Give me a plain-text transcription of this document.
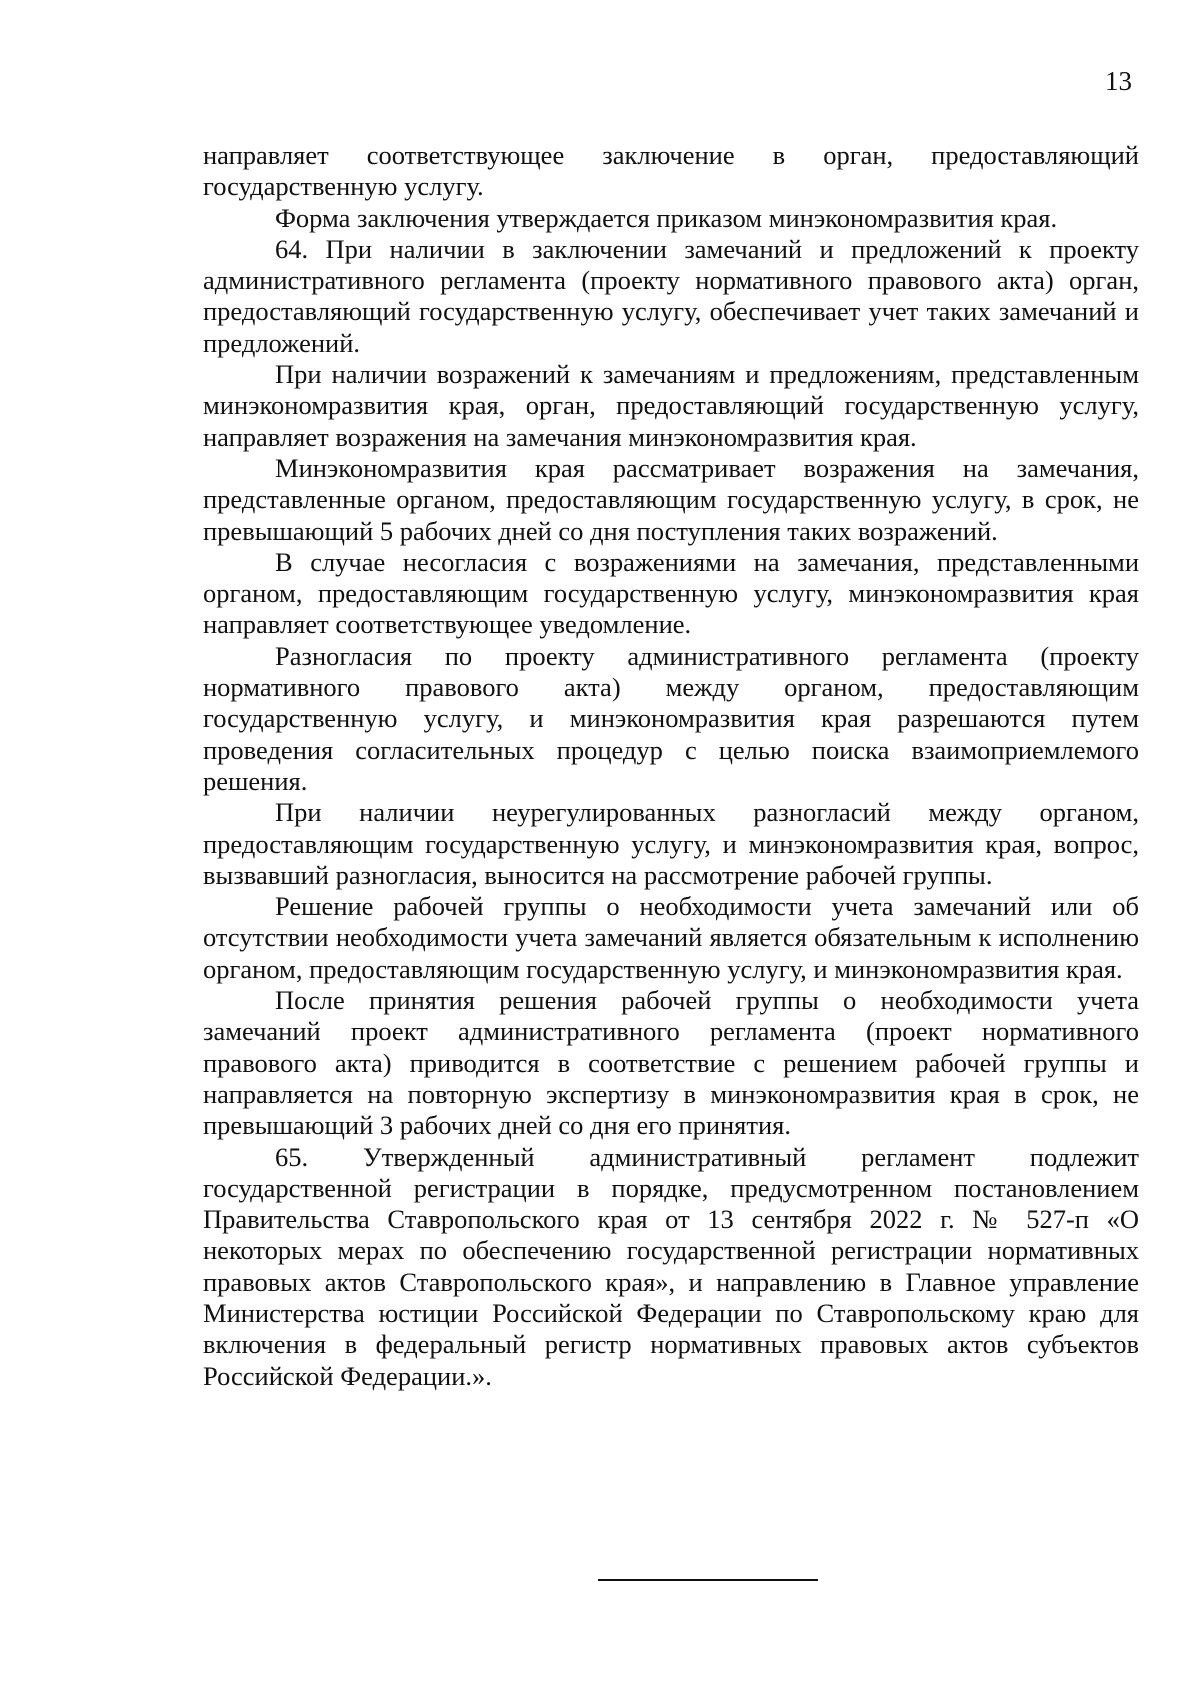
13

направляет соответствующее заключение в орган, предоставляющий государственную услугу.

Форма заключения утверждается приказом минэкономразвития края.

64. При наличии в заключении замечаний и предложений к проекту административного регламента (проекту нормативного правового акта) орган, предоставляющий государственную услугу, обеспечивает учет таких замечаний и предложений.

При наличии возражений к замечаниям и предложениям, представленным минэкономразвития края, орган, предоставляющий государственную услугу, направляет возражения на замечания минэкономразвития края.

Минэкономразвития края рассматривает возражения на замечания, представленные органом, предоставляющим государственную услугу, в срок, не превышающий 5 рабочих дней со дня поступления таких возражений.

В случае несогласия с возражениями на замечания, представленными органом, предоставляющим государственную услугу, минэкономразвития края направляет соответствующее уведомление.

Разногласия по проекту административного регламента (проекту нормативного правового акта) между органом, предоставляющим государственную услугу, и минэкономразвития края разрешаются путем проведения согласительных процедур с целью поиска взаимоприемлемого решения.

При наличии неурегулированных разногласий между органом, предоставляющим государственную услугу, и минэкономразвития края, вопрос, вызвавший разногласия, выносится на рассмотрение рабочей группы.

Решение рабочей группы о необходимости учета замечаний или об отсутствии необходимости учета замечаний является обязательным к исполнению органом, предоставляющим государственную услугу, и минэкономразвития края.

После принятия решения рабочей группы о необходимости учета замечаний проект административного регламента (проект нормативного правового акта) приводится в соответствие с решением рабочей группы и направляется на повторную экспертизу в минэкономразвития края в срок, не превышающий 3 рабочих дней со дня его принятия.

65. Утвержденный административный регламент подлежит государственной регистрации в порядке, предусмотренном постановлением Правительства Ставропольского края от 13 сентября 2022 г. № 527-п «О некоторых мерах по обеспечению государственной регистрации нормативных правовых актов Ставропольского края», и направлению в Главное управление Министерства юстиции Российской Федерации по Ставропольскому краю для включения в федеральный регистр нормативных правовых актов субъектов Российской Федерации.».
